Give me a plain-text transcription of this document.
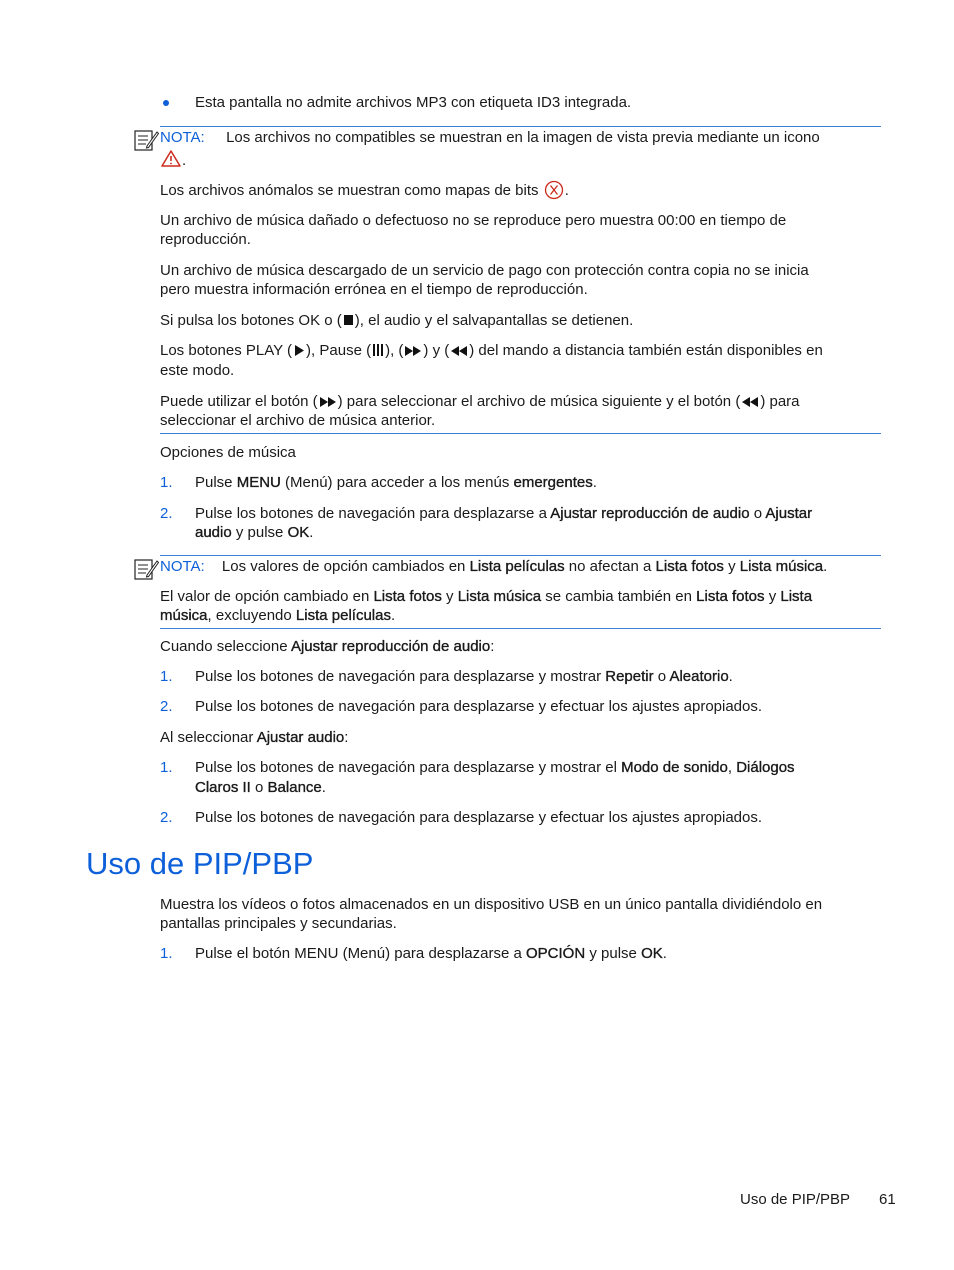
Esta pantalla no admite archivos MP3 con etiqueta ID3 integrada.
NOTA: Los archivos no compatibles se muestran en la imagen de vista previa mediante un icono
.
Los archivos anómalos se muestran como mapas de bits .
Un archivo de música dañado o defectuoso no se reproduce pero muestra 00:00 en tiempo de
reproducción.
Un archivo de música descargado de un servicio de pago con protección contra copia no se inicia
pero muestra información errónea en el tiempo de reproducción.
Si pulsa los botones OK o ( ), el audio y el salvapantallas se detienen.
Los botones PLAY ( ), Pause ( ), ( ) y ( ) del mando a distancia también están disponibles en
este modo.
Puede utilizar el botón ( ) para seleccionar el archivo de música siguiente y el botón ( ) para
seleccionar el archivo de música anterior.
Opciones de música
1. Pulse MENU (Menú) para acceder a los menús emergentes.
2. Pulse los botones de navegación para desplazarse a Ajustar reproducción de audio o Ajustar
audio y pulse OK.
NOTA: Los valores de opción cambiados en Lista películas no afectan a Lista fotos y Lista música.
El valor de opción cambiado en Lista fotos y Lista música se cambia también en Lista fotos y Lista
música, excluyendo Lista películas.
Cuando seleccione Ajustar reproducción de audio:
1. Pulse los botones de navegación para desplazarse y mostrar Repetir o Aleatorio.
2. Pulse los botones de navegación para desplazarse y efectuar los ajustes apropiados.
Al seleccionar Ajustar audio:
1. Pulse los botones de navegación para desplazarse y mostrar el Modo de sonido, Diálogos
Claros II o Balance.
2. Pulse los botones de navegación para desplazarse y efectuar los ajustes apropiados.
Uso de PIP/PBP
Muestra los vídeos o fotos almacenados en un dispositivo USB en un único pantalla dividiéndolo en
pantallas principales y secundarias.
1. Pulse el botón MENU (Menú) para desplazarse a OPCIÓN y pulse OK.
Uso de PIP/PBP 61
